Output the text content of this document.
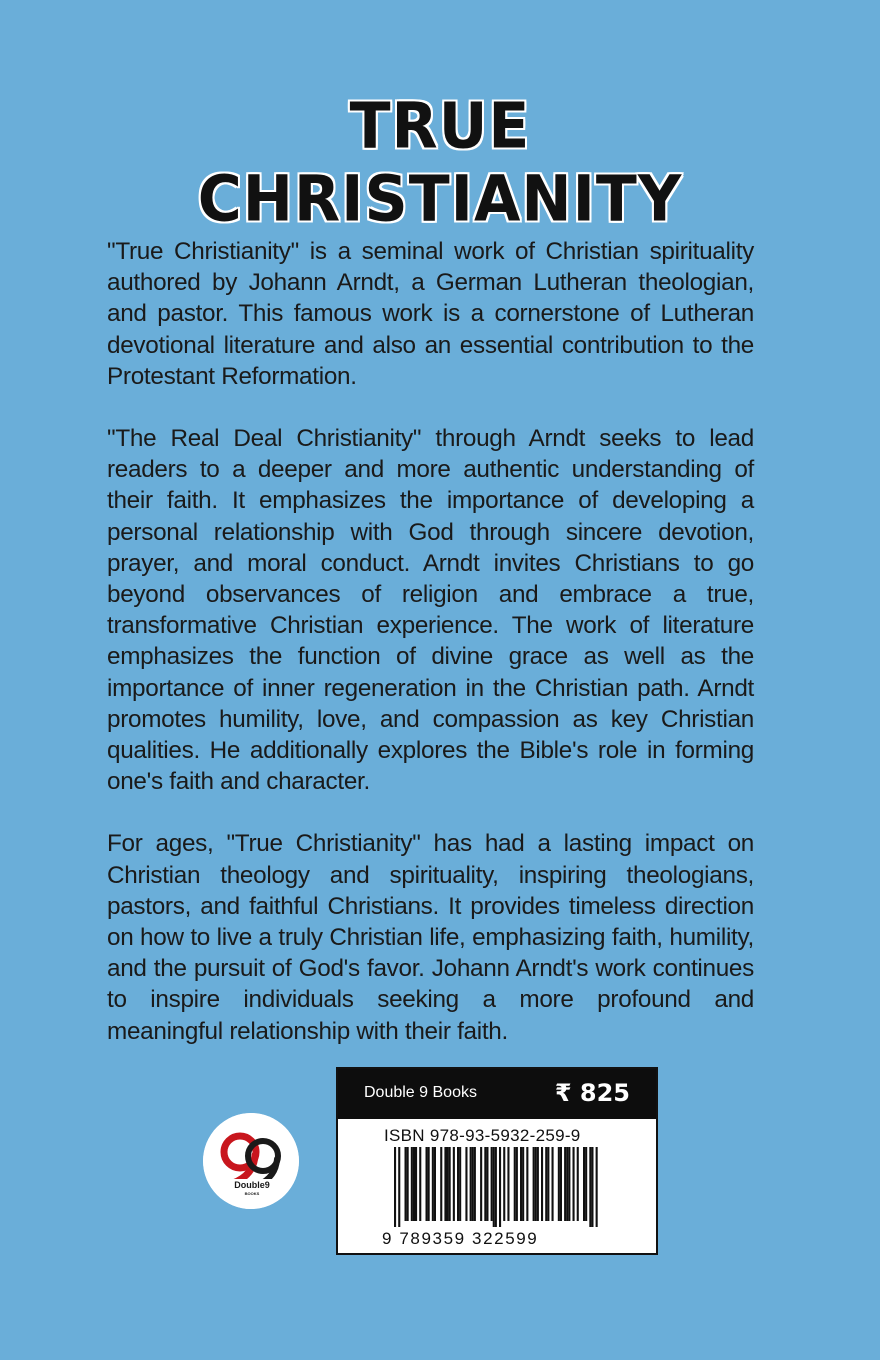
TRUE
CHRISTIANITY

"True Christianity" is a seminal work of Christian spirituality authored by Johann Arndt, a German Lutheran theologian, and pastor. This famous work is a cornerstone of Lutheran devotional literature and also an essential contribution to the Protestant Reformation.

"The Real Deal Christianity" through Arndt seeks to lead readers to a deeper and more authentic understanding of their faith. It emphasizes the importance of developing a personal relationship with God through sincere devotion, prayer, and moral conduct. Arndt invites Christians to go beyond observances of religion and embrace a true, transformative Christian experience. The work of literature emphasizes the function of divine grace as well as the importance of inner regeneration in the Christian path. Arndt promotes humility, love, and compassion as key Christian qualities. He additionally explores the Bible's role in forming one's faith and character.

For ages, "True Christianity" has had a lasting impact on Christian theology and spirituality, inspiring theologians, pastors, and faithful Christians. It provides timeless direction on how to live a truly Christian life, emphasizing faith, humility, and the pursuit of God's favor. Johann Arndt's work continues to inspire individuals seeking a more profound and meaningful relationship with their faith.

Double9
BOOKS
Double 9 Books	₹ 825
ISBN 978-93-5932-259-9
9 789359 322599
